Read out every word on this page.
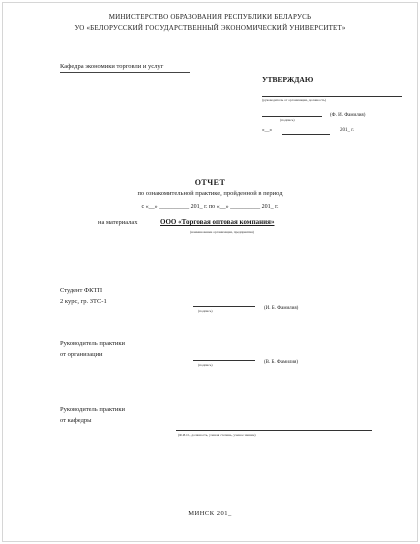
МИНИСТЕРСТВО ОБРАЗОВАНИЯ РЕСПУБЛИКИ БЕЛАРУСЬ
УО «БЕЛОРУССКИЙ ГОСУДАРСТВЕННЫЙ ЭКОНОМИЧЕСКИЙ УНИВЕРСИТЕТ»
Кафедра экономики торговли и услуг
УТВЕРЖДАЮ
(руководитель от организации, должность)
(подпись)
(Ф. И. Фамилия)
«__»	201_ г.
ОТЧЕТ
по ознакомительной практике, пройденной в период
с «__» __________ 201_ г. по «__» __________ 201_ г.
на материалах	ООО «Торговая оптовая компания»
(наименование организации, предприятия)
Студент ФКТП
2 курс, гр. ЗТС-1
(подпись)	(И. Б. Фамилия)
Руководитель практики
от организации
(подпись)	(В. Б. Фамилия)
Руководитель практики
от кафедры
(Ф.И.О., должность, ученая степень, ученое звание)
МИНСК 201_
